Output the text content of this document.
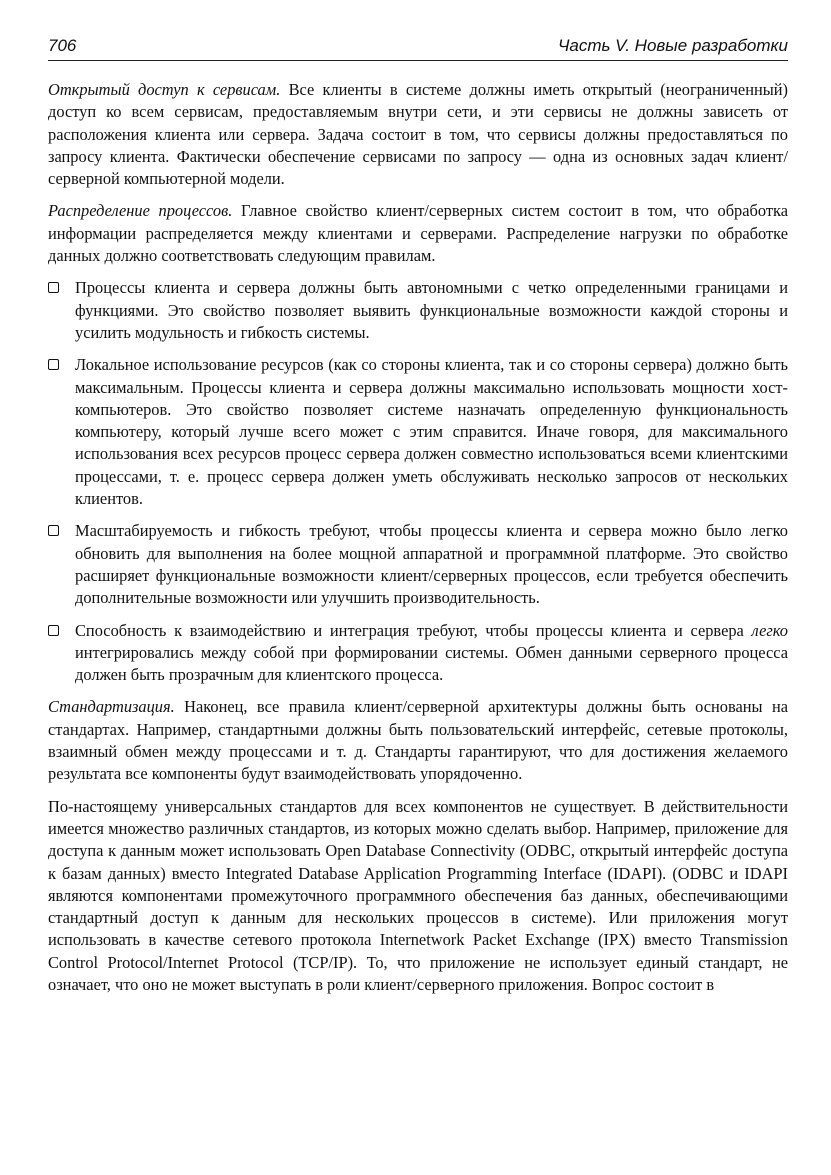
706	Часть V. Новые разработки

Открытый доступ к сервисам. Все клиенты в системе должны иметь открытый (неограниченный) доступ ко всем сервисам, предоставляемым внутри сети, и эти сервисы не должны зависеть от расположения клиента или сервера. Задача состоит в том, что сервисы должны предоставляться по запросу клиента. Фактически обеспечение сервисами по запросу — одна из основных задач клиент/серверной компьютерной модели.

Распределение процессов. Главное свойство клиент/серверных систем состоит в том, что обработка информации распределяется между клиентами и серверами. Распределение нагрузки по обработке данных должно соответствовать следующим правилам.

Процессы клиента и сервера должны быть автономными с четко определенными границами и функциями. Это свойство позволяет выявить функциональные возможности каждой стороны и усилить модульность и гибкость системы.
Локальное использование ресурсов (как со стороны клиента, так и со стороны сервера) должно быть максимальным. Процессы клиента и сервера должны максимально использовать мощности хост-компьютеров. Это свойство позволяет системе назначать определенную функциональность компьютеру, который лучше всего может с этим справится. Иначе говоря, для максимального использования всех ресурсов процесс сервера должен совместно использоваться всеми клиентскими процессами, т. е. процесс сервера должен уметь обслуживать несколько запросов от нескольких клиентов.
Масштабируемость и гибкость требуют, чтобы процессы клиента и сервера можно было легко обновить для выполнения на более мощной аппаратной и программной платформе. Это свойство расширяет функциональные возможности клиент/серверных процессов, если требуется обеспечить дополнительные возможности или улучшить производительность.
Способность к взаимодействию и интеграция требуют, чтобы процессы клиента и сервера легко интегрировались между собой при формировании системы. Обмен данными серверного процесса должен быть прозрачным для клиентского процесса.

Стандартизация. Наконец, все правила клиент/серверной архитектуры должны быть основаны на стандартах. Например, стандартными должны быть пользовательский интерфейс, сетевые протоколы, взаимный обмен между процессами и т. д. Стандарты гарантируют, что для достижения желаемого результата все компоненты будут взаимодействовать упорядоченно.

По-настоящему универсальных стандартов для всех компонентов не существует. В действительности имеется множество различных стандартов, из которых можно сделать выбор. Например, приложение для доступа к данным может использовать Open Database Connectivity (ODBC, открытый интерфейс доступа к базам данных) вместо Integrated Database Application Programming Interface (IDAPI). (ODBC и IDAPI являются компонентами промежуточного программного обеспечения баз данных, обеспечивающими стандартный доступ к данным для нескольких процессов в системе). Или приложения могут использовать в качестве сетевого протокола Internetwork Packet Exchange (IPX) вместо Transmission Control Protocol/Internet Protocol (TCP/IP). То, что приложение не использует единый стандарт, не означает, что оно не может выступать в роли клиент/серверного приложения. Вопрос состоит в
